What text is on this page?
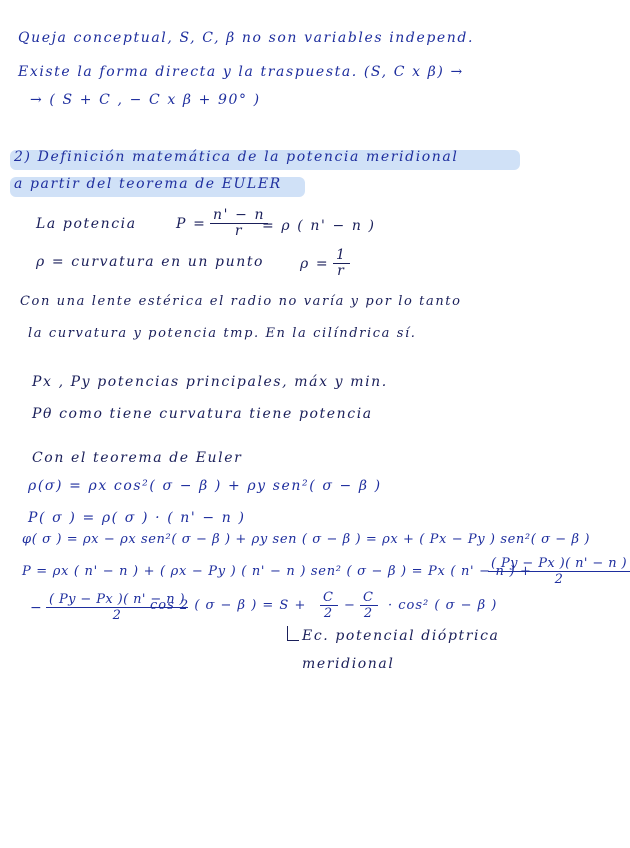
Queja conceptual, S, C, β no son variables independ.
Existe la forma directa y la traspuesta. (S, C x β) →
→ ( S + C , − C x β + 90° )
2) Definición matemática de la potencia meridional
a partir del teorema de EULER
La potencia	$P = \frac{n' - n}{r}$
= ρ ( n' − n )
ρ = curvatura en un punto	$\rho = \frac{1}{r}$
Con una lente estérica el radio no varía y por lo tanto
la curvatura y potencia tmp. En la cilíndrica sí.
Px , Py potencias principales, máx y min.
Pθ como tiene curvatura tiene potencia
Con el teorema de Euler
ρ(σ) = ρx cos²( σ − β ) + ρy sen²( σ − β )
P( σ ) = ρ( σ ) · ( n' − n )
φ( σ ) = ρx − ρx sen²( σ − β ) + ρy sen ( σ − β ) = ρx + ( Px − Py ) sen²( σ − β )
P = ρx ( n' − n ) + ( ρx − Py ) ( n' − n ) sen² ( σ − β ) = Px ( n' − n ) +
$\frac{( Py - Px )( n' - n )}{2}$
− $\frac{( Py - Px )( n' - n )}{2}$
cos 2 ( σ − β ) = $S + \frac{C}{2} - \frac{C}{2} \cdot \cos^2$ ( σ − β )
Ec. potencial dióptrica
meridional
